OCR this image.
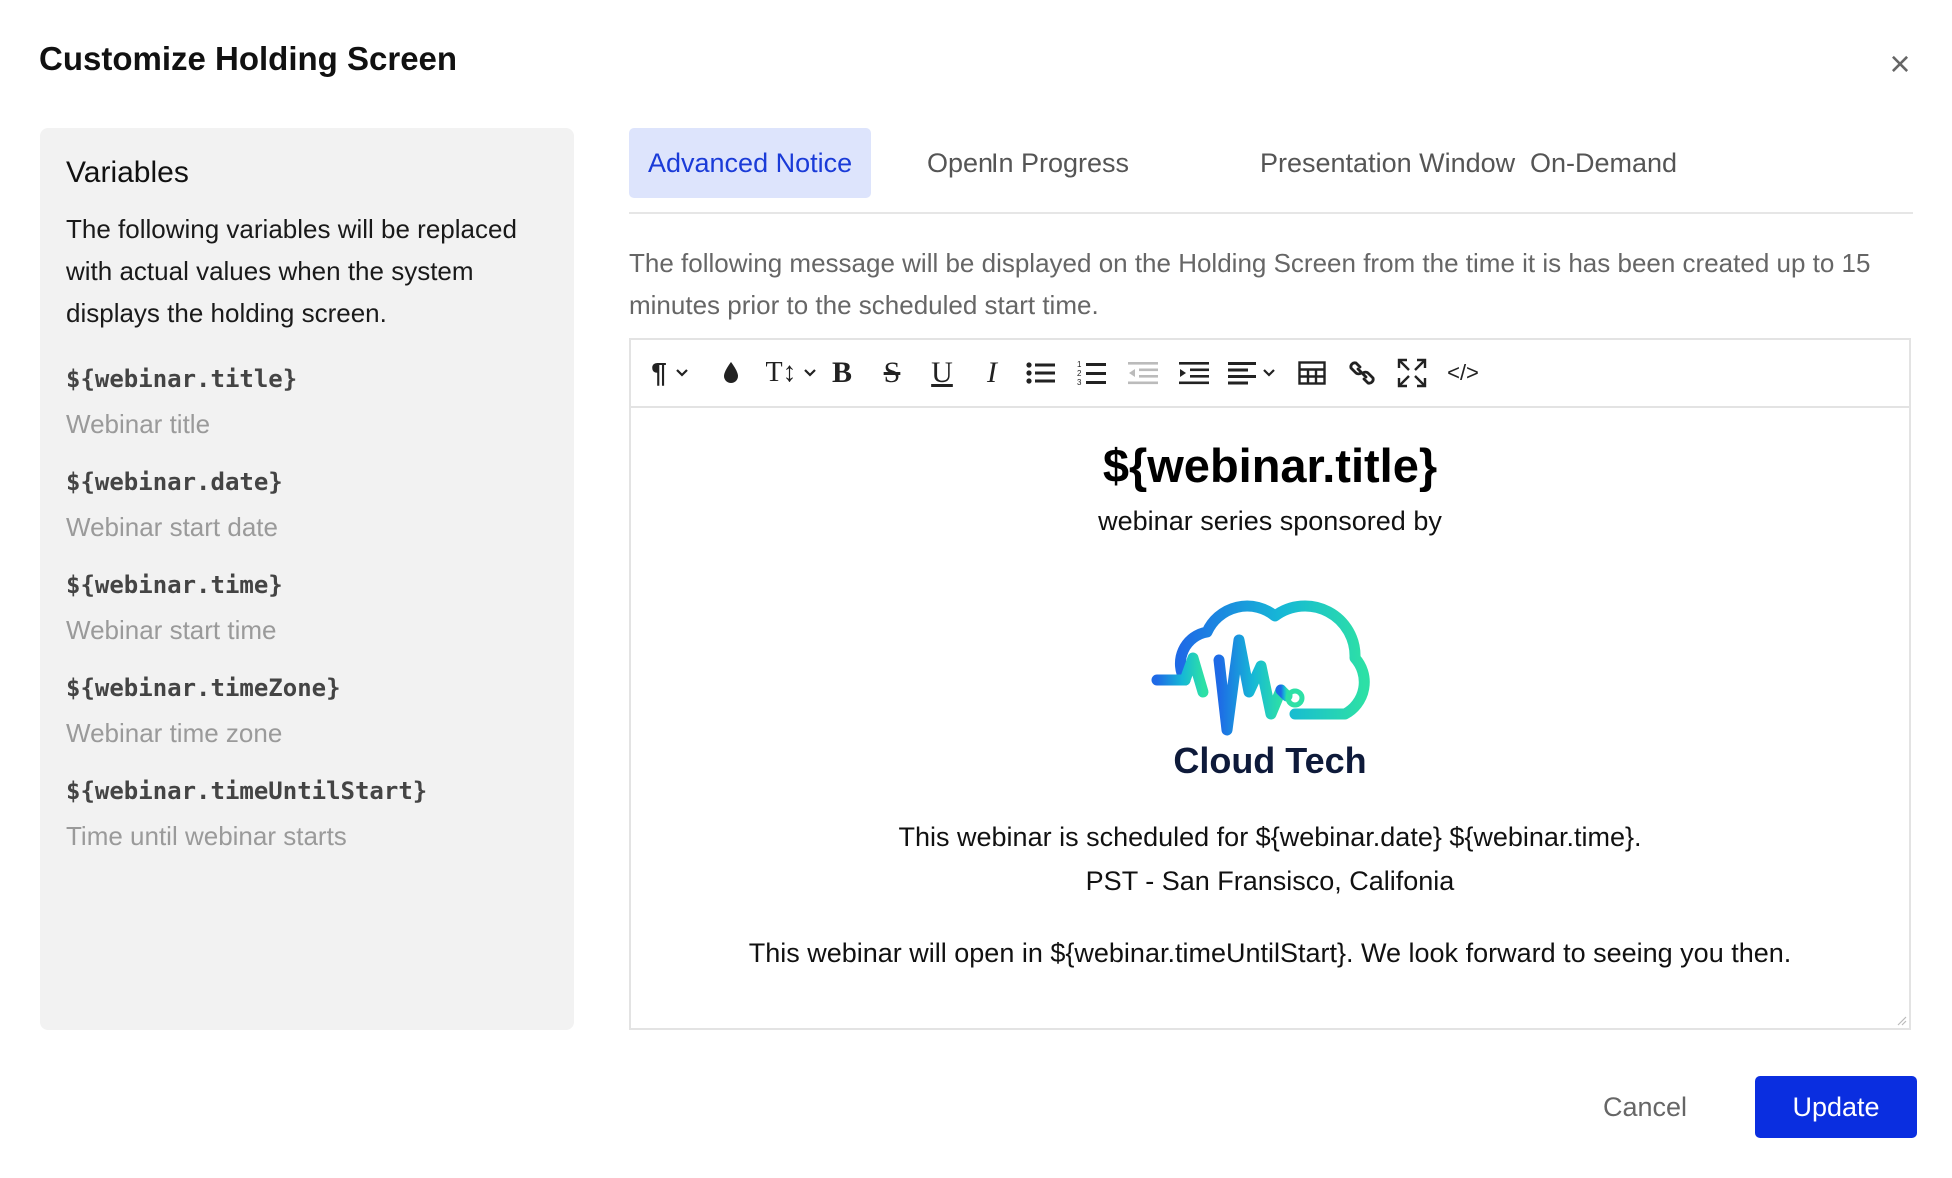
Customize Holding Screen	×
Variables
The following variables will be replaced with actual values when the system displays the holding screen.
${webinar.title}
Webinar title
${webinar.date}
Webinar start date
${webinar.time}
Webinar start time
${webinar.timeZone}
Webinar time zone
${webinar.timeUntilStart}
Time until webinar starts
Advanced Notice	Open
In Progress	Presentation Window On-Demand
The following message will be displayed on the Holding Screen from the time it is has been created up to 15 minutes prior to the scheduled start time.
¶	T↕ B S U I	1
2
3	</>
${webinar.title}
webinar series sponsored by
Cloud Tech
This webinar is scheduled for ${webinar.date} ${webinar.time}.
PST - San Fransisco, Califonia
This webinar will open in ${webinar.timeUntilStart}. We look forward to seeing you then.
Cancel	Update
